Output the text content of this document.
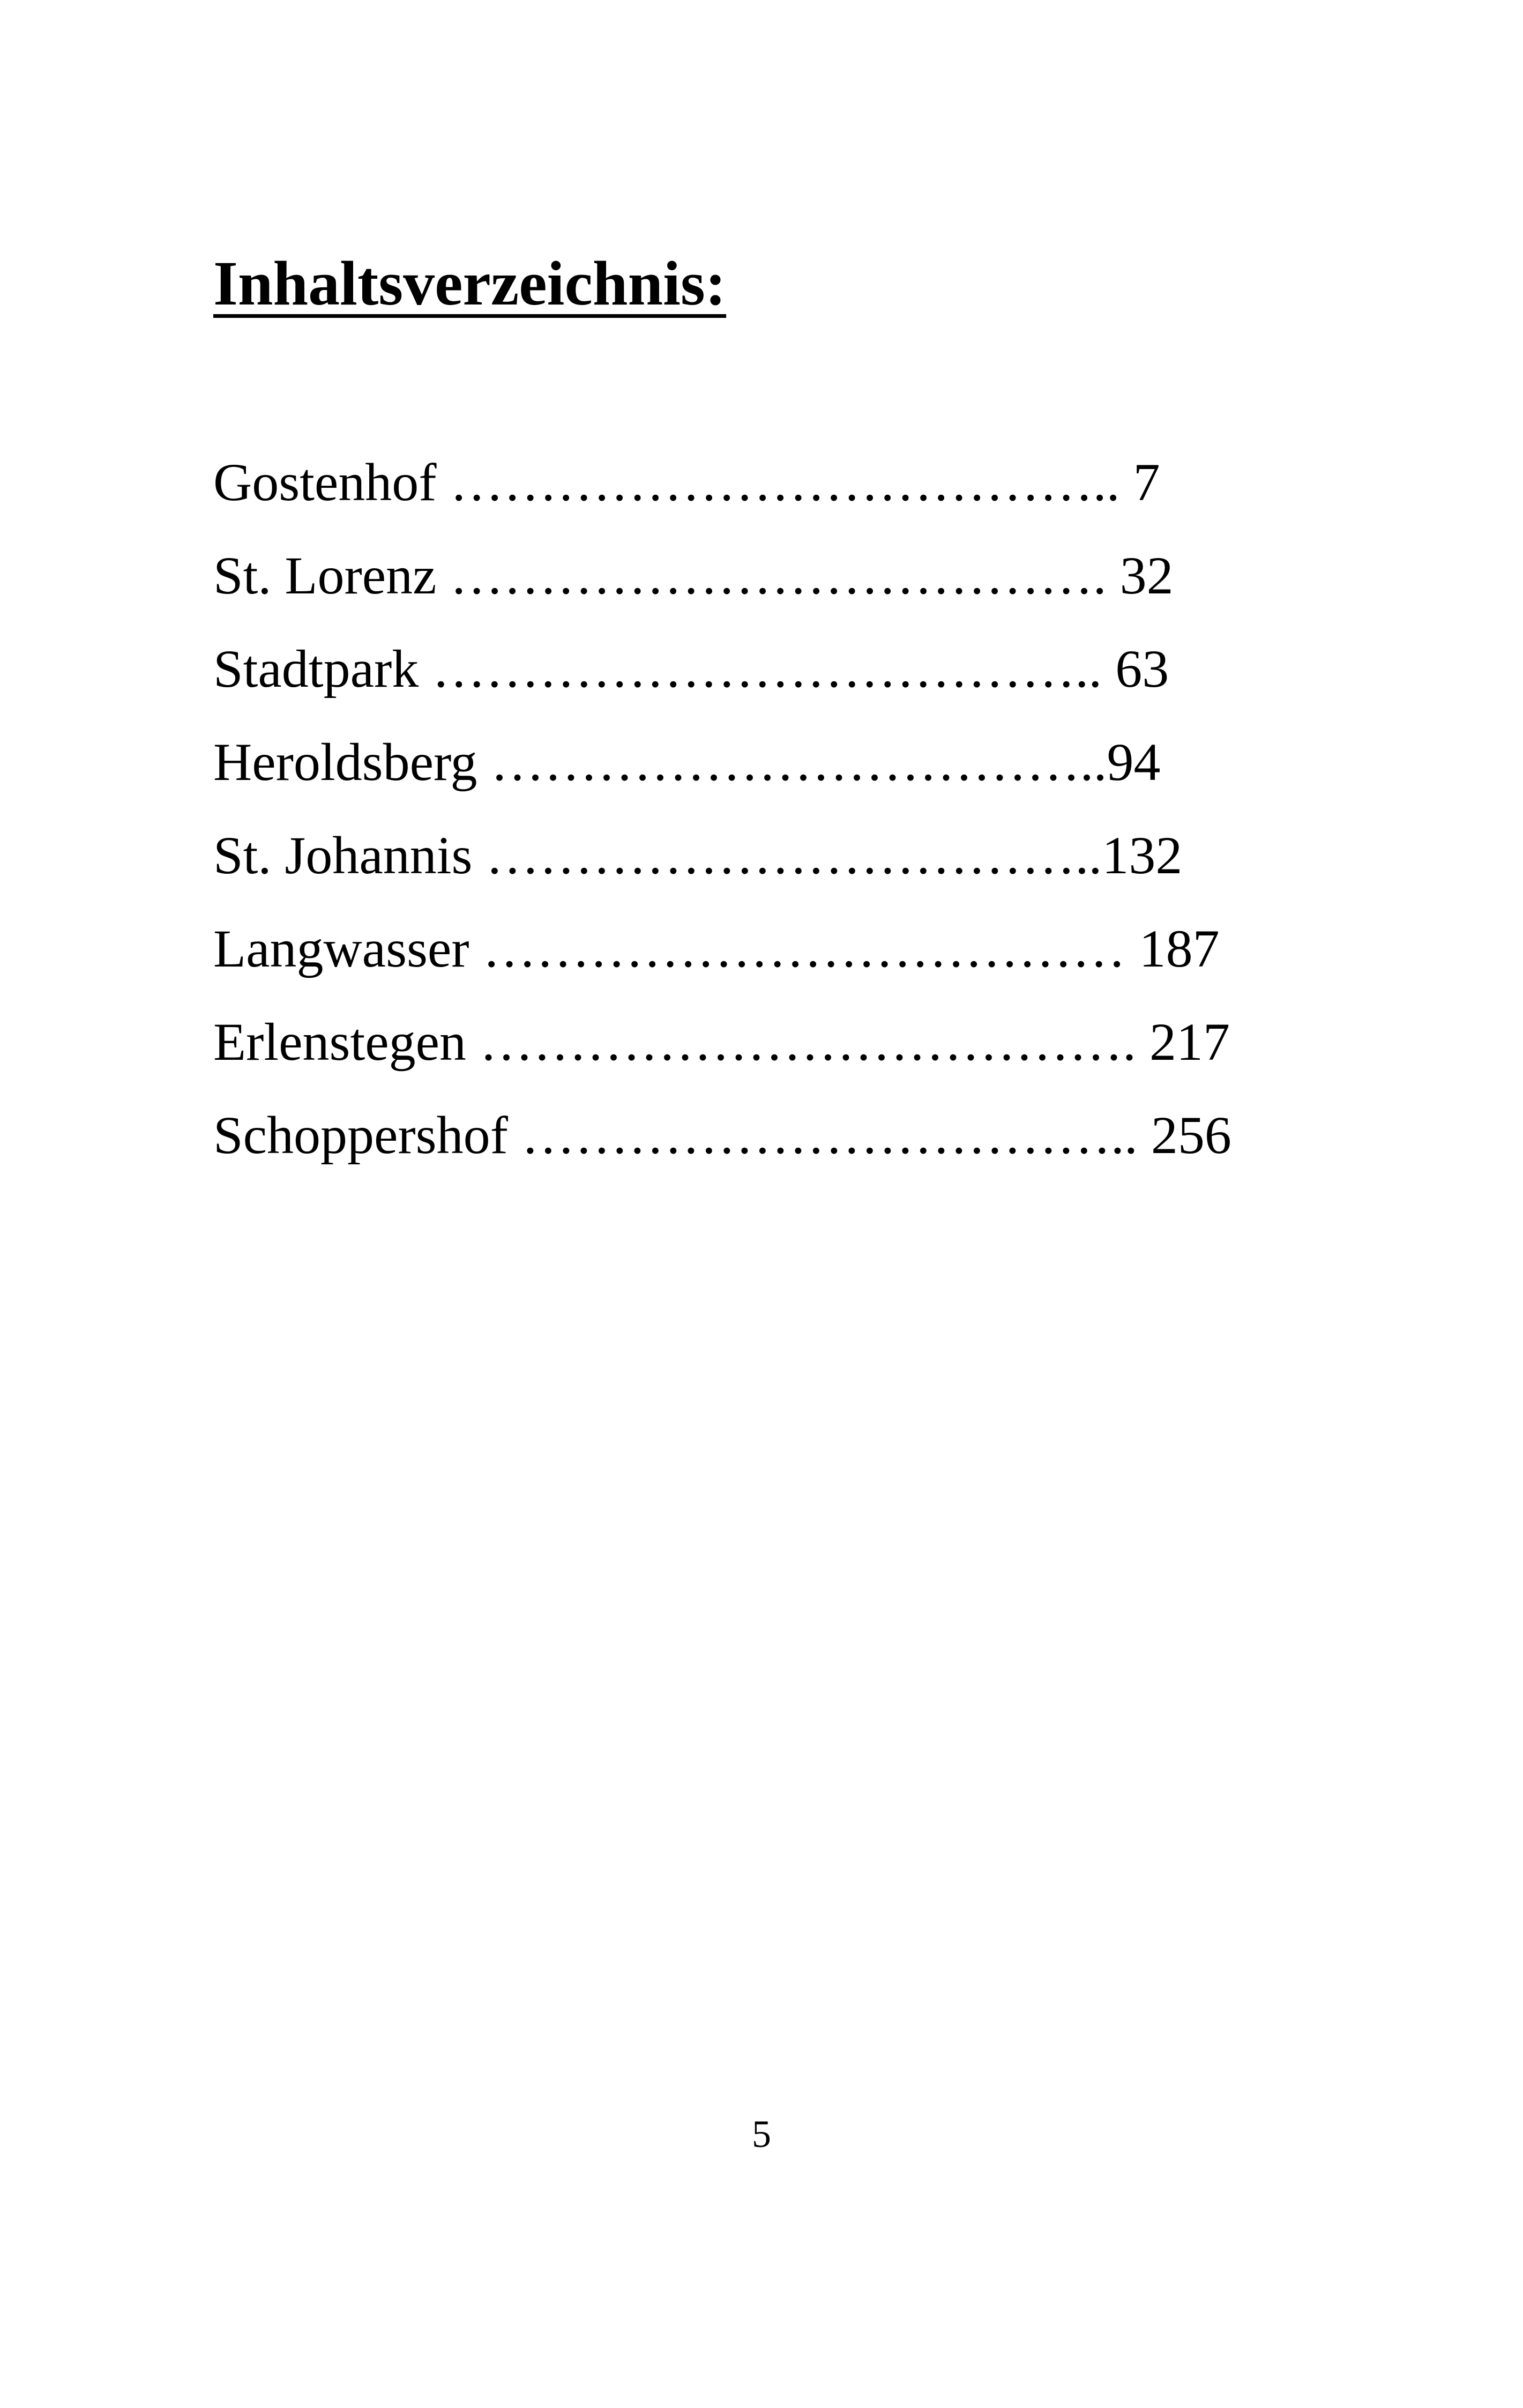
Inhaltsverzeichnis:
Gostenhof ……………………………….. 7
St. Lorenz ………………………………. 32
Stadtpark ……………………………….. 63
Heroldsberg ……………………………..94
St. Johannis ……………………………..132
Langwasser ……………………………… 187
Erlenstegen ………………………………. 217
Schoppershof …………………………….. 256
5
